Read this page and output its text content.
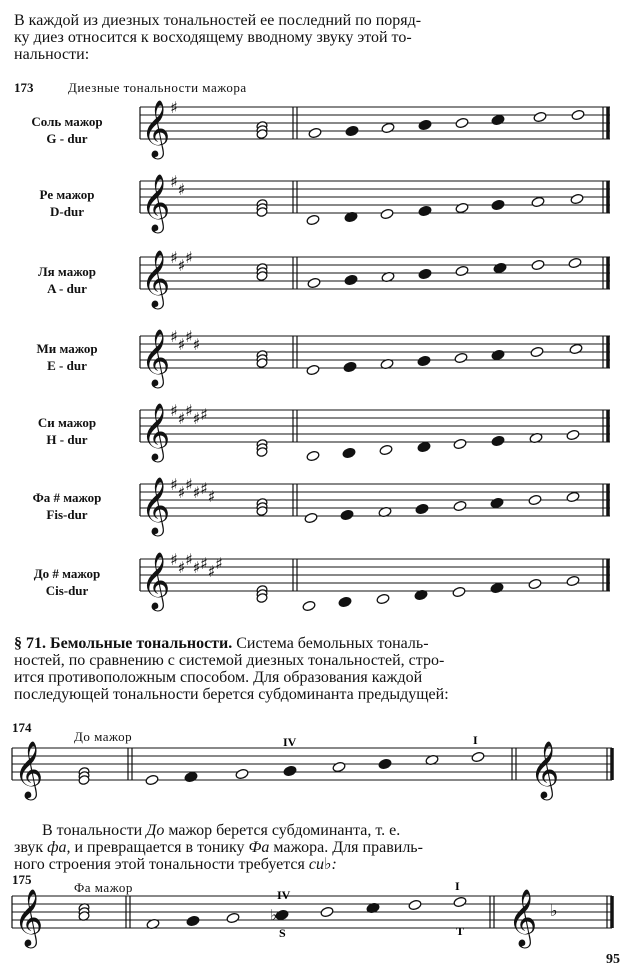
В каждой из диезных тональностей ее последний по поряд-
ку диез относится к восходящему вводному звуку этой то-
нальности:
173	Диезные тональности мажора
Соль мажор
G - dur
Ре мажор
D-dur
Ля мажор
A - dur
Ми мажор
E - dur
Си мажор
H - dur
Фа # мажор
Fis-dur
До # мажор
Cis-dur
§ 71. Бемольные тональности. Система бемольных тональ-
ностей, по сравнению с системой диезных тональностей, стро-
ится противоположным способом. Для образования каждой
последующей тональности берется субдоминанта предыдущей:
174
До мажор
В тональности До мажор берется субдоминанта, т. е.
звук фа, и превращается в тонику Фа мажора. Для правиль-
ного строения этой тональности требуется си♭:
175
Фа мажор
𝄞 ♯
𝄞 ♯ ♯
𝄞 ♯ ♯ ♯
𝄞 ♯ ♯ ♯ ♯
𝄞 ♯ ♯ ♯ ♯ ♯
𝄞 ♯ ♯ ♯ ♯ ♯ ♯
𝄞 ♯ ♯ ♯ ♯ ♯ ♯ ♯
𝄞	𝄞
𝄞	♭	𝄞 ♭
IV	I
IV
I
S	T
95
